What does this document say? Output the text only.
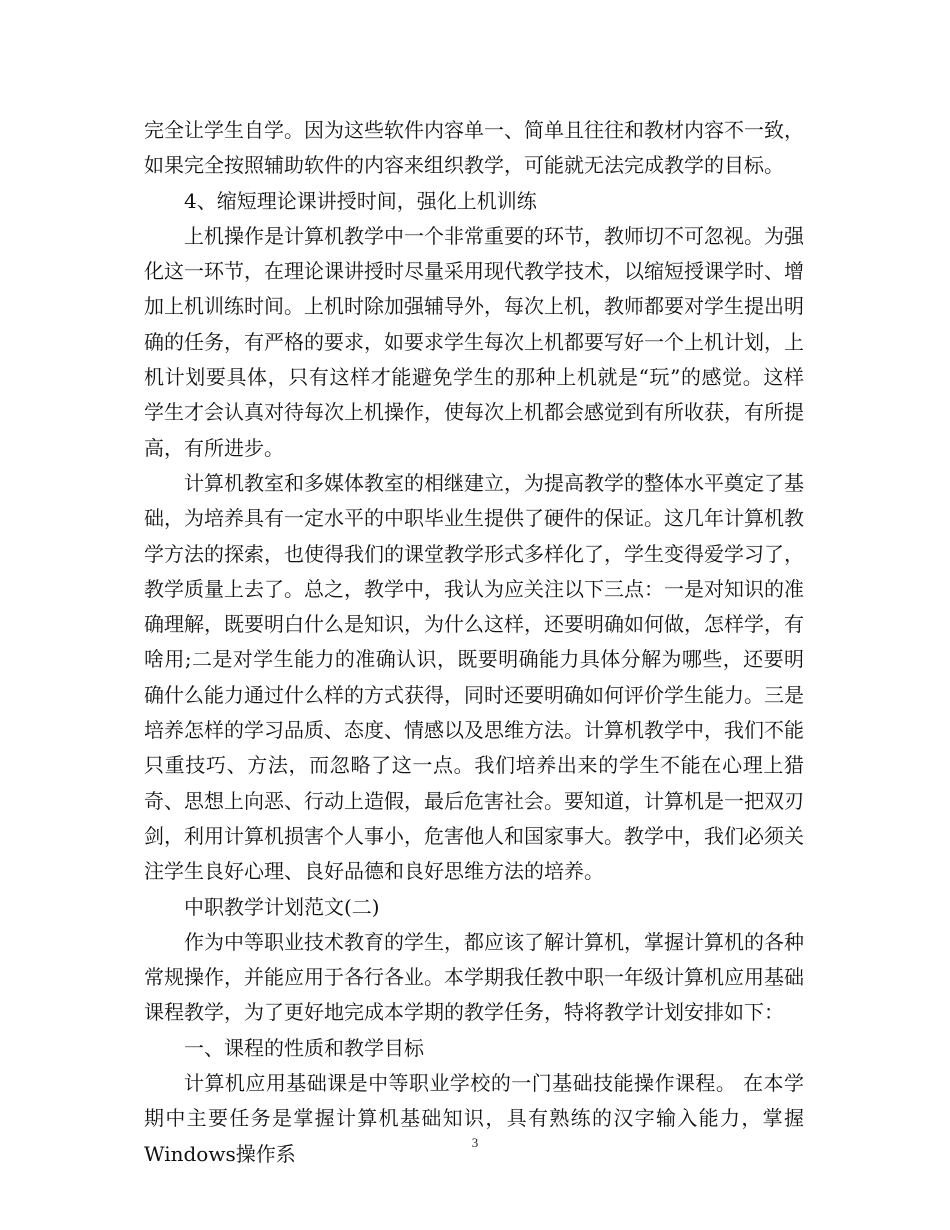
完全让学生自学。因为这些软件内容单一、简单且往往和教材内容不一致，如果完全按照辅助软件的内容来组织教学，可能就无法完成教学的目标。

4、缩短理论课讲授时间，强化上机训练

上机操作是计算机教学中一个非常重要的环节，教师切不可忽视。为强化这一环节，在理论课讲授时尽量采用现代教学技术，以缩短授课学时、增加上机训练时间。上机时除加强辅导外，每次上机，教师都要对学生提出明确的任务，有严格的要求，如要求学生每次上机都要写好一个上机计划，上机计划要具体，只有这样才能避免学生的那种上机就是“玩”的感觉。这样学生才会认真对待每次上机操作，使每次上机都会感觉到有所收获，有所提高，有所进步。

计算机教室和多媒体教室的相继建立，为提高教学的整体水平奠定了基础，为培养具有一定水平的中职毕业生提供了硬件的保证。这几年计算机教学方法的探索，也使得我们的课堂教学形式多样化了，学生变得爱学习了，教学质量上去了。总之，教学中，我认为应关注以下三点：一是对知识的准确理解，既要明白什么是知识，为什么这样，还要明确如何做，怎样学，有啥用;二是对学生能力的准确认识，既要明确能力具体分解为哪些，还要明确什么能力通过什么样的方式获得，同时还要明确如何评价学生能力。三是培养怎样的学习品质、态度、情感以及思维方法。计算机教学中，我们不能只重技巧、方法，而忽略了这一点。我们培养出来的学生不能在心理上猎奇、思想上向恶、行动上造假，最后危害社会。要知道，计算机是一把双刃剑，利用计算机损害个人事小，危害他人和国家事大。教学中，我们必须关注学生良好心理、良好品德和良好思维方法的培养。

中职教学计划范文(二)

作为中等职业技术教育的学生，都应该了解计算机，掌握计算机的各种常规操作，并能应用于各行各业。本学期我任教中职一年级计算机应用基础课程教学，为了更好地完成本学期的教学任务，特将教学计划安排如下：

一、课程的性质和教学目标

计算机应用基础课是中等职业学校的一门基础技能操作课程。 在本学期中主要任务是掌握计算机基础知识，具有熟练的汉字输入能力，掌握Windows操作系	3
